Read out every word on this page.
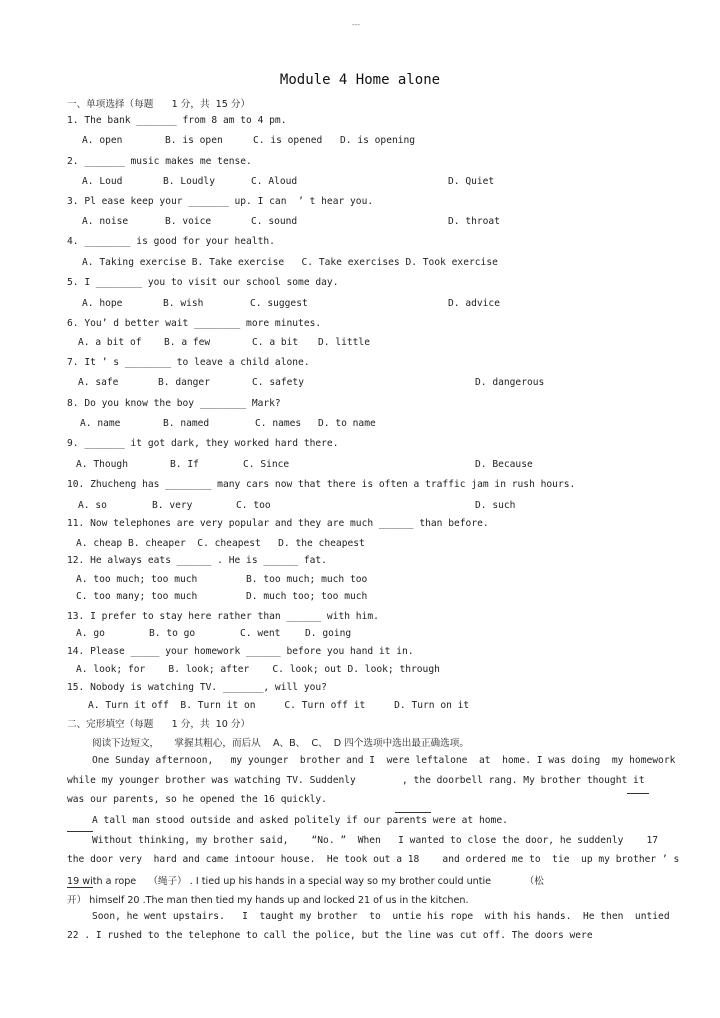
---
Module 4 Home alone
一、单项选择（每题      1 分，共  15 分）
1. The bank _______ from 8 am to 4 pm.
A. open	B. is open	C. is opened D. is opening
2. _______ music makes me tense.
A. Loud	B. Loudly	C. Aloud	D. Quiet
3. Pl ease keep your _______ up. I can  ’ t hear you.
A. noise	B. voice	C. sound	D. throat
4. ________ is good for your health.
A. Taking exercise B. Take exercise   C. Take exercises D. Took exercise
5. I ________ you to visit our school some day.
A. hope	B. wish	C. suggest	D. advice
6. You’ d better wait ________ more minutes.
A. a bit of B. a few	C. a bit D. little
7. It ’ s ________ to leave a child alone.
A. safe	B. danger	C. safety	D. dangerous
8. Do you know the boy ________ Mark?
A. name	B. named	C. names D. to name
9. _______ it got dark, they worked hard there.
A. Though	B. If	C. Since	D. Because
10. Zhucheng has ________ many cars now that there is often a traffic jam in rush hours.
A. so	B. very	C. too	D. such
11. Now telephones are very popular and they are much ______ than before.
A. cheap B. cheaper  C. cheapest   D. the cheapest
12. He always eats ______ . He is ______ fat.
A. too much; too much	B. too much; much too
C. too many; too much	D. much too; too much
13. I prefer to stay here rather than ______ with him.
A. go	B. to go	C. went	D. going
14. Please _____ your homework ______ before you hand it in.
A. look; for    B. look; after    C. look; out D. look; through
15. Nobody is watching TV. _______, will you?
A. Turn it off  B. Turn it on     C. Turn off it     D. Turn on it
二、完形填空（每题      1 分，共  10 分）
阅读下边短文，     掌握其粗心，而后从    A、B、  C、  D 四个选项中选出最正确选项。
One Sunday afternoon,   my younger  brother and I  were leftalone  at  home. I was doing  my homework
while my younger brother was watching TV. Suddenly        , the doorbell rang. My brother thought it
was our parents, so he opened the 16 quickly.
A tall man stood outside and asked politely if our parents were at home.
Without thinking, my brother said,    “No. ”  When   I wanted to close the door, he suddenly    17
the door very  hard and came intoour house.  He took out a 18    and ordered me to  tie  up my brother ’ s
19 with a rope    （绳子） . I tied up his hands in a special way so my brother could untie           （松
开） himself 20 .The man then tied my hands up and locked 21 of us in the kitchen.
Soon, he went upstairs.   I  taught my brother  to  untie his rope  with his hands.  He then  untied
22 . I rushed to the telephone to call the police, but the line was cut off. The doors were
